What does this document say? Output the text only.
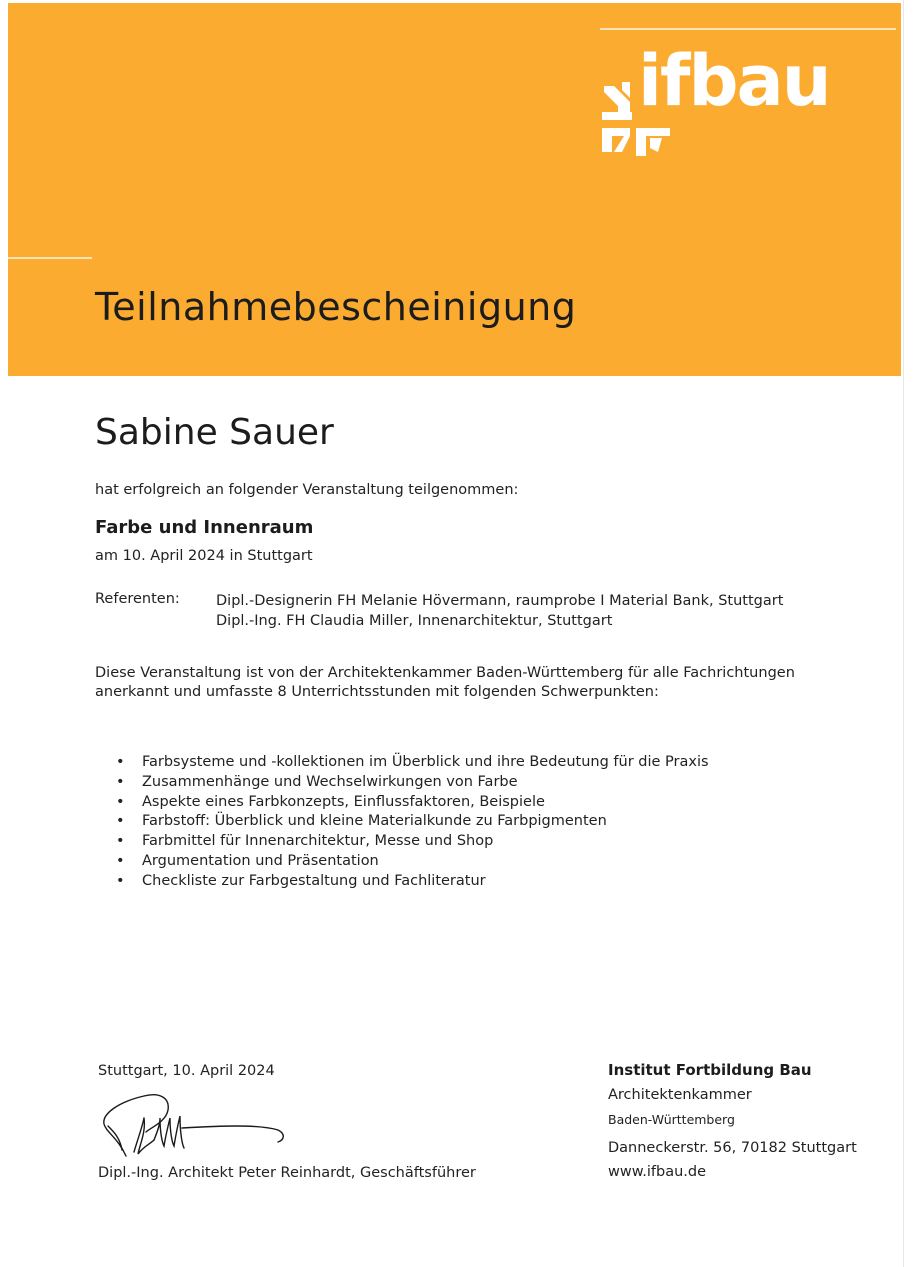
ifbau
Teilnahmebescheinigung
Sabine Sauer
hat erfolgreich an folgender Veranstaltung teilgenommen:
Farbe und Innenraum
am 10. April 2024 in Stuttgart
Referenten: Dipl.-Designerin FH Melanie Hövermann, raumprobe I Material Bank, Stuttgart
Dipl.-Ing. FH Claudia Miller, Innenarchitektur, Stuttgart
Diese Veranstaltung ist von der Architektenkammer Baden-Württemberg für alle Fachrichtungen
anerkannt und umfasste 8 Unterrichtsstunden mit folgenden Schwerpunkten:
• Farbsysteme und -kollektionen im Überblick und ihre Bedeutung für die Praxis
• Zusammenhänge und Wechselwirkungen von Farbe
• Aspekte eines Farbkonzepts, Einflussfaktoren, Beispiele
• Farbstoff: Überblick und kleine Materialkunde zu Farbpigmenten
• Farbmittel für Innenarchitektur, Messe und Shop
• Argumentation und Präsentation
• Checkliste zur Farbgestaltung und Fachliteratur
Stuttgart, 10. April 2024
Dipl.-Ing. Architekt Peter Reinhardt, Geschäftsführer
Institut Fortbildung Bau
Architektenkammer
Baden-Württemberg
Danneckerstr. 56, 70182 Stuttgart
www.ifbau.de
